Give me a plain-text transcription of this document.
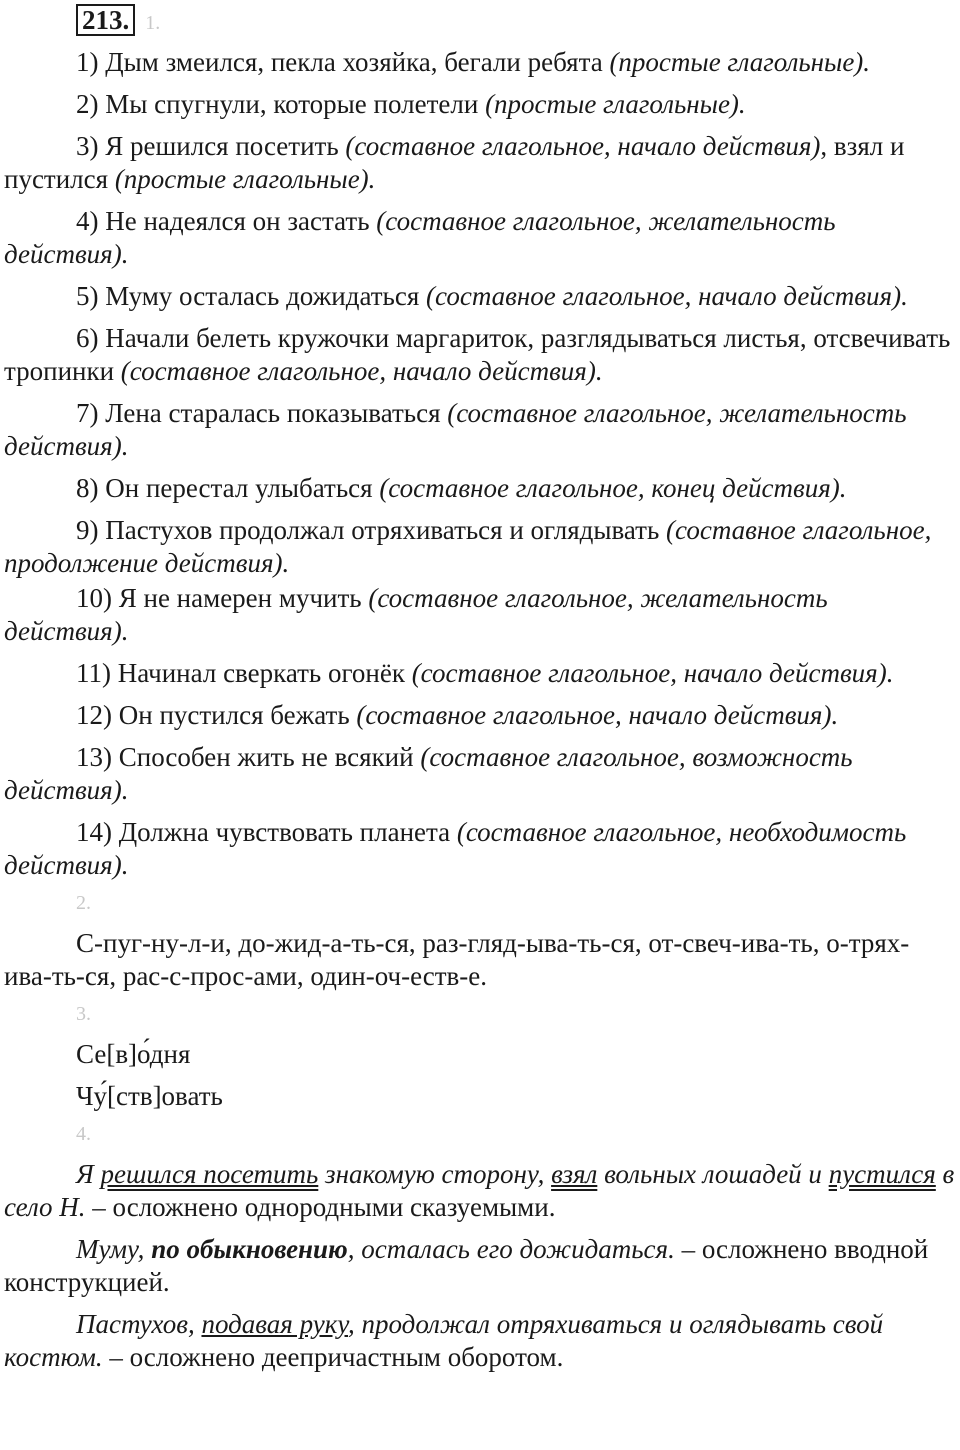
213. 1.

1) Дым змеился, пекла хозяйка, бегали ребята (простые глагольные).

2) Мы спугнули, которые полетели (простые глагольные).

3) Я решился посетить (составное глагольное, начало действия), взял и пустился (простые глагольные).

4) Не надеялся он застать (составное глагольное, желательность действия).

5) Муму осталась дожидаться (составное глагольное, начало действия).

6) Начали белеть кружочки маргариток, разглядываться листья, отсвечивать тропинки (составное глагольное, начало действия).

7) Лена старалась показываться (составное глагольное, желательность действия).

8) Он перестал улыбаться (составное глагольное, конец действия).

9) Пастухов продолжал отряхиваться и оглядывать (составное глагольное, продолжение действия).

10) Я не намерен мучить (составное глагольное, желательность действия).

11) Начинал сверкать огонёк (составное глагольное, начало действия).

12) Он пустился бежать (составное глагольное, начало действия).

13) Способен жить не всякий (составное глагольное, возможность действия).

14) Должна чувствовать планета (составное глагольное, необходимость действия).

2.

С-пуг-ну-л-и, до-жид-а-ть-ся, раз-гляд-ыва-ть-ся, от-свеч-ива-ть, о-трях-ива-ть-ся, рас-с-прос-ами, один-оч-еств-е.

3.

Се[в]о́дня

Чу́[ств]овать

4.

Я решился посетить знакомую сторону, взял вольных лошадей и пустился в село Н. – осложнено однородными сказуемыми.

Муму, по обыкновению, осталась его дожидаться. – осложнено вводной конструкцией.

Пастухов, подавая руку, продолжал отряхиваться и оглядывать свой костюм. – осложнено деепричастным оборотом.
